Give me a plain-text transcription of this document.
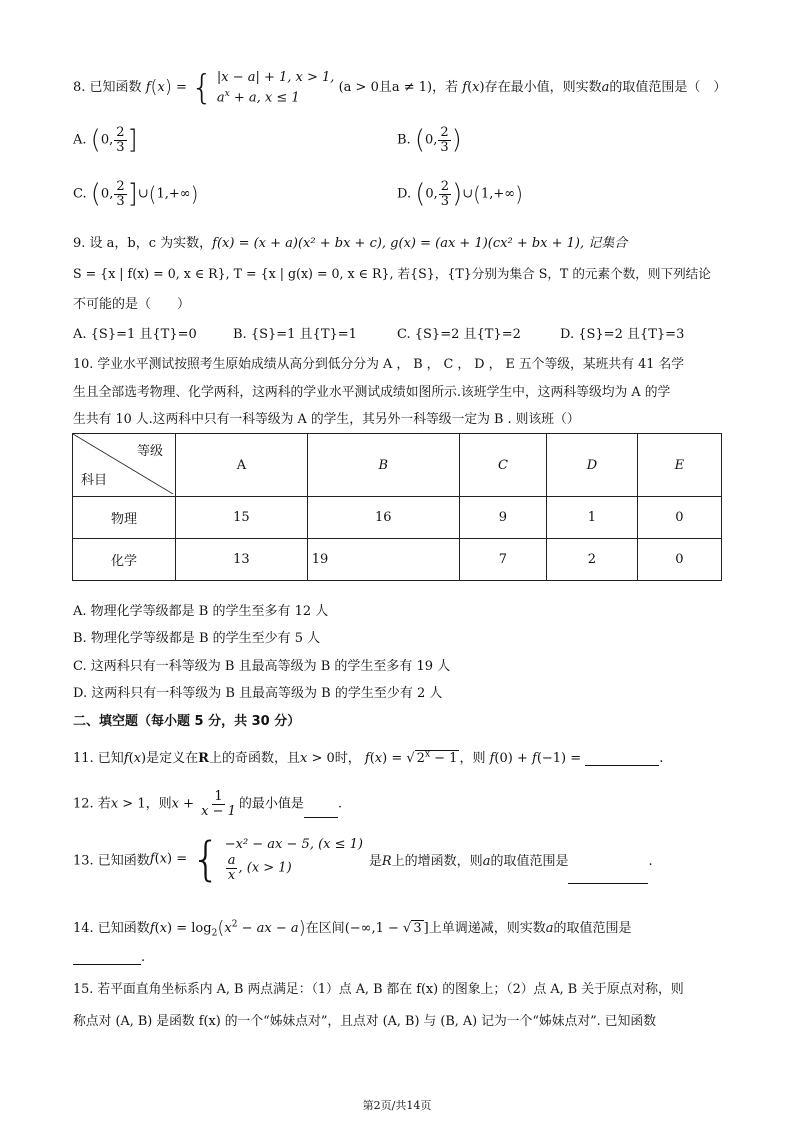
8. 已知函数 f(x) = { |x − a| + 1, x > 1,
$a^x + a$, x ≤ 1
(a > 0且a ≠ 1)，若 f(x)存在最小值，则实数a的取值范围是（　）
A. (0, $\frac{2}{3}$ ]	B. (0, $\frac{2}{3}$ )
C. (0, $\frac{2}{3}$ ]∪(1,+∞)	D. (0, $\frac{2}{3}$ )∪(1,+∞)
9. 设 a，b，c 为实数，f(x) = (x + a)(x² + bx + c), g(x) = (ax + 1)(cx² + bx + 1), 记集合
S = {x | f(x) = 0, x ∈ R}, T = {x | g(x) = 0, x ∈ R}, 若{S}，{T}分别为集合 S，T 的元素个数，则下列结论
不可能的是（　　）
A. {S}=1 且{T}=0	B. {S}=1 且{T}=1	C. {S}=2 且{T}=2	D. {S}=2 且{T}=3
10. 学业水平测试按照考生原始成绩从高分到低分分为 A ， B ， C ， D ， E 五个等级，某班共有 41 名学
生且全部选考物理、化学两科，这两科的学业水平测试成绩如图所示.该班学生中，这两科等级均为 A 的学
生共有 10 人.这两科中只有一科等级为 A 的学生，其另外一科等级一定为 B . 则该班（）
等级
科目	A	B	C	D	E
物理	15	16	9	1	0
化学	13	19	7	2	0
A. 物理化学等级都是 B 的学生至多有 12 人
B. 物理化学等级都是 B 的学生至少有 5 人
C. 这两科只有一科等级为 B 且最高等级为 B 的学生至多有 19 人
D. 这两科只有一科等级为 B 且最高等级为 B 的学生至少有 2 人
二、填空题（每小题 5 分，共 30 分）
11. 已知f(x)是定义在R上的奇函数，且x > 0时， f(x) = √ $2^x - 1$ ，则 f(0) + f(−1) =	.
12. 若x > 1，则$x + \frac{1}{x - 1}$ 的最小值是	.
13. 已知函数f(x) = { −x² − ax − 5, (x ≤ 1)
$\frac{a}{x}$ , (x > 1)	是R上的增函数，则a的取值范围是	.
14. 已知函数$f(x) = \log_2(x^2$ − ax − a)在区间(−∞,1 − √ 3 ]上单调递减，则实数a的取值范围是
.
15. 若平面直角坐标系内 A, B 两点满足：（1）点 A, B 都在 f(x) 的图象上；（2）点 A, B 关于原点对称，则
称点对 (A, B) 是函数 f(x) 的一个“姊妹点对”，且点对 (A, B) 与 (B, A) 记为一个“姊妹点对”. 已知函数
第2页/共14页
